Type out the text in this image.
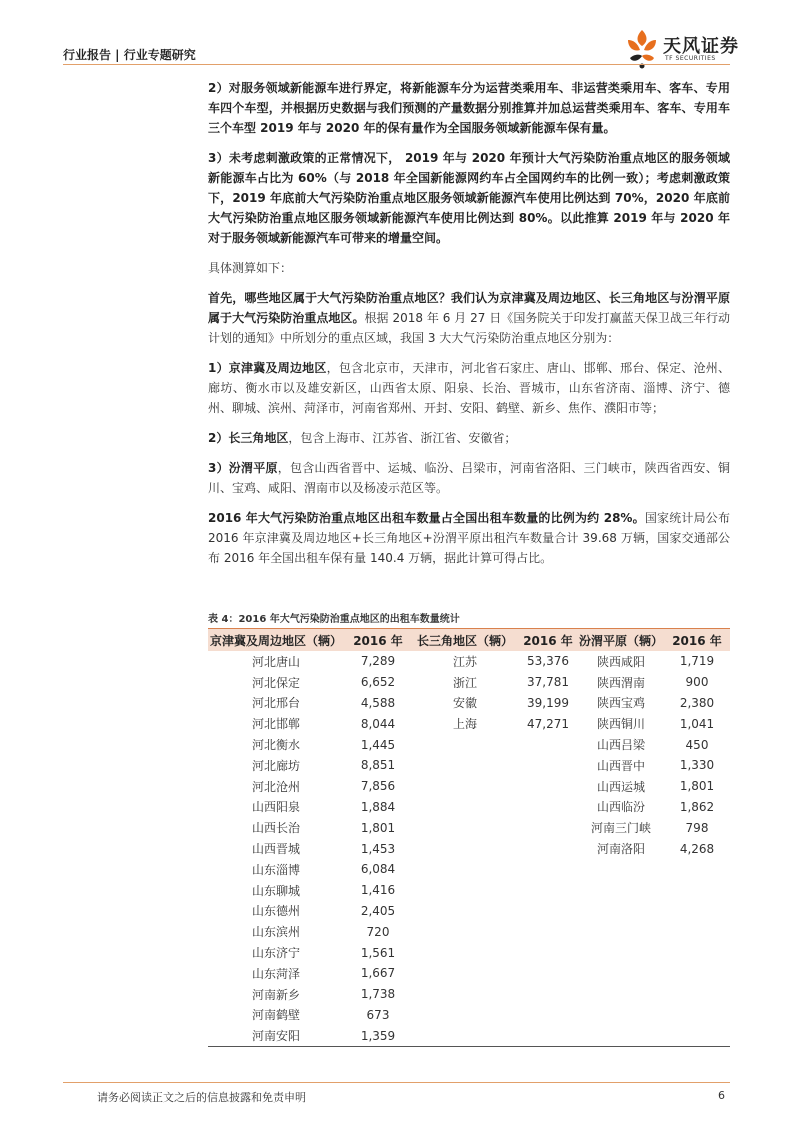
行业报告 | 行业专题研究	天风证券
TF SECURITIES

2）对服务领域新能源车进行界定，将新能源车分为运营类乘用车、非运营类乘用车、客车、专用车四个车型，并根据历史数据与我们预测的产量数据分别推算并加总运营类乘用车、客车、专用车三个车型 2019 年与 2020 年的保有量作为全国服务领域新能源车保有量。

3）未考虑刺激政策的正常情况下， 2019 年与 2020 年预计大气污染防治重点地区的服务领域新能源车占比为 60%（与 2018 年全国新能源网约车占全国网约车的比例一致）；考虑刺激政策下，2019 年底前大气污染防治重点地区服务领域新能源汽车使用比例达到 70%，2020 年底前大气污染防治重点地区服务领域新能源汽车使用比例达到 80%。以此推算 2019 年与 2020 年对于服务领域新能源汽车可带来的增量空间。

具体测算如下：

首先，哪些地区属于大气污染防治重点地区？我们认为京津冀及周边地区、长三角地区与汾渭平原属于大气污染防治重点地区。根据 2018 年 6 月 27 日《国务院关于印发打赢蓝天保卫战三年行动计划的通知》中所划分的重点区域，我国 3 大大气污染防治重点地区分别为：

1）京津冀及周边地区，包含北京市，天津市，河北省石家庄、唐山、邯郸、邢台、保定、沧州、廊坊、衡水市以及雄安新区，山西省太原、阳泉、长治、晋城市，山东省济南、淄博、济宁、德州、聊城、滨州、菏泽市，河南省郑州、开封、安阳、鹤壁、新乡、焦作、濮阳市等；

2）长三角地区，包含上海市、江苏省、浙江省、安徽省；

3）汾渭平原，包含山西省晋中、运城、临汾、吕梁市，河南省洛阳、三门峡市，陕西省西安、铜川、宝鸡、咸阳、渭南市以及杨凌示范区等。

2016 年大气污染防治重点地区出租车数量占全国出租车数量的比例为约 28%。国家统计局公布 2016 年京津冀及周边地区+长三角地区+汾渭平原出租汽车数量合计 39.68 万辆，国家交通部公布 2016 年全国出租车保有量 140.4 万辆，据此计算可得占比。

表 4：2016 年大气污染防治重点地区的出租车数量统计
京津冀及周边地区（辆）	2016 年	长三角地区（辆）	2016 年	汾渭平原（辆）	2016 年
河北唐山	7,289	江苏	53,376	陕西咸阳	1,719
河北保定	6,652	浙江	37,781	陕西渭南	900
河北邢台	4,588	安徽	39,199	陕西宝鸡	2,380
河北邯郸	8,044	上海	47,271	陕西铜川	1,041
河北衡水	1,445			山西吕梁	450
河北廊坊	8,851			山西晋中	1,330
河北沧州	7,856			山西运城	1,801
山西阳泉	1,884			山西临汾	1,862
山西长治	1,801			河南三门峡	798
山西晋城	1,453			河南洛阳	4,268
山东淄博	6,084				
山东聊城	1,416				
山东德州	2,405				
山东滨州	720				
山东济宁	1,561				
山东菏泽	1,667				
河南新乡	1,738				
河南鹤壁	673				
河南安阳	1,359				
请务必阅读正文之后的信息披露和免责申明	6
